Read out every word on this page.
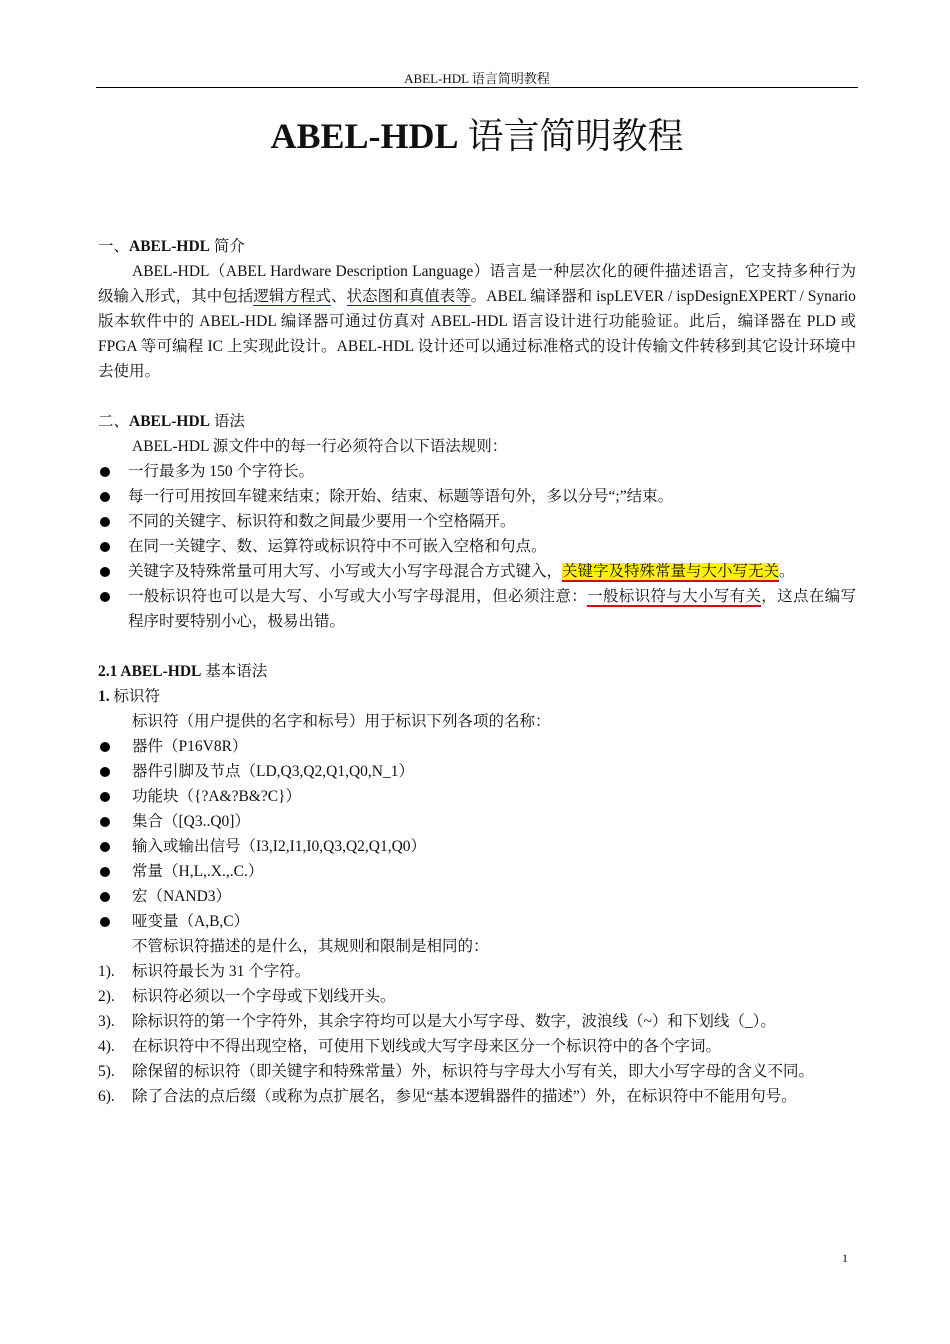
ABEL-HDL 语言简明教程
ABEL-HDL 语言简明教程

一、ABEL-HDL 简介

ABEL-HDL（ABEL Hardware Description Language）语言是一种层次化的硬件描述语言，它支持多种行为级输入形式，其中包括逻辑方程式、状态图和真值表等。ABEL 编译器和 ispLEVER / ispDesignEXPERT / Synario 版本软件中的 ABEL-HDL 编译器可通过仿真对 ABEL-HDL 语言设计进行功能验证。此后，编译器在 PLD 或 FPGA 等可编程 IC 上实现此设计。ABEL-HDL 设计还可以通过标准格式的设计传输文件转移到其它设计环境中去使用。

二、ABEL-HDL 语法

ABEL-HDL 源文件中的每一行必须符合以下语法规则：

一行最多为 150 个字符长。
每一行可用按回车键来结束；除开始、结束、标题等语句外，多以分号“;”结束。
不同的关键字、标识符和数之间最少要用一个空格隔开。
在同一关键字、数、运算符或标识符中不可嵌入空格和句点。
关键字及特殊常量可用大写、小写或大小写字母混合方式键入，关键字及特殊常量与大小写无关。
一般标识符也可以是大写、小写或大小写字母混用，但必须注意：一般标识符与大小写有关，这点在编写程序时要特别小心，极易出错。

2.1 ABEL-HDL 基本语法

1. 标识符

标识符（用户提供的名字和标号）用于标识下列各项的名称：

器件（P16V8R）
器件引脚及节点（LD,Q3,Q2,Q1,Q0,N_1）
功能块（{?A&?B&?C}）
集合（[Q3..Q0]）
输入或输出信号（I3,I2,I1,I0,Q3,Q2,Q1,Q0）
常量（H,L,.X.,.C.）
宏（NAND3）
哑变量（A,B,C）

不管标识符描述的是什么，其规则和限制是相同的：

1).	标识符最长为 31 个字符。
2).	标识符必须以一个字母或下划线开头。
3).	除标识符的第一个字符外，其余字符均可以是大小写字母、数字，波浪线（~）和下划线（_）。
4).	在标识符中不得出现空格，可使用下划线或大写字母来区分一个标识符中的各个字词。
5).	除保留的标识符（即关键字和特殊常量）外，标识符与字母大小写有关，即大小写字母的含义不同。
6).	除了合法的点后缀（或称为点扩展名，参见“基本逻辑器件的描述”）外，在标识符中不能用句号。
1
